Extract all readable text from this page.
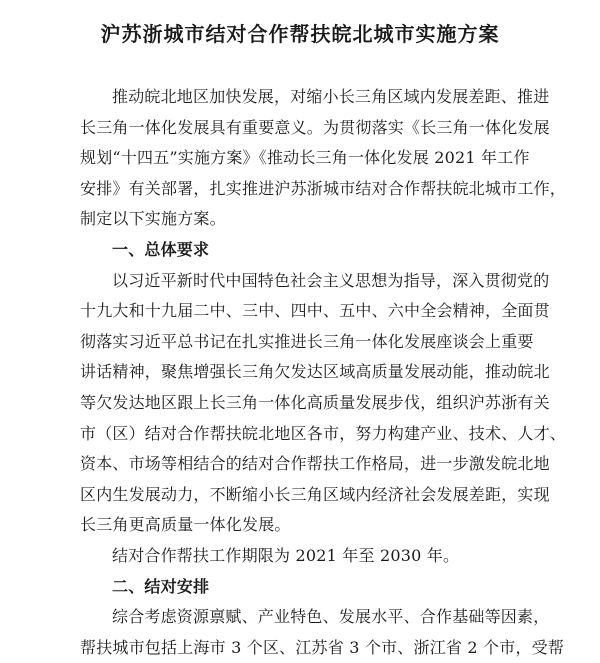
沪苏浙城市结对合作帮扶皖北城市实施方案

推动皖北地区加快发展，对缩小长三角区域内发展差距、推进
长三角一体化发展具有重要意义。为贯彻落实《长三角一体化发展
规划“十四五”实施方案》《推动长三角一体化发展 2021 年工作
安排》有关部署，扎实推进沪苏浙城市结对合作帮扶皖北城市工作，
制定以下实施方案。

一、总体要求

以习近平新时代中国特色社会主义思想为指导，深入贯彻党的
十九大和十九届二中、三中、四中、五中、六中全会精神，全面贯
彻落实习近平总书记在扎实推进长三角一体化发展座谈会上重要
讲话精神，聚焦增强长三角欠发达区域高质量发展动能，推动皖北
等欠发达地区跟上长三角一体化高质量发展步伐，组织沪苏浙有关
市（区）结对合作帮扶皖北地区各市，努力构建产业、技术、人才、
资本、市场等相结合的结对合作帮扶工作格局，进一步激发皖北地
区内生发展动力，不断缩小长三角区域内经济社会发展差距，实现
长三角更高质量一体化发展。

结对合作帮扶工作期限为 2021 年至 2030 年。

二、结对安排

综合考虑资源禀赋、产业特色、发展水平、合作基础等因素，
帮扶城市包括上海市 3 个区、江苏省 3 个市、浙江省 2 个市，受帮
